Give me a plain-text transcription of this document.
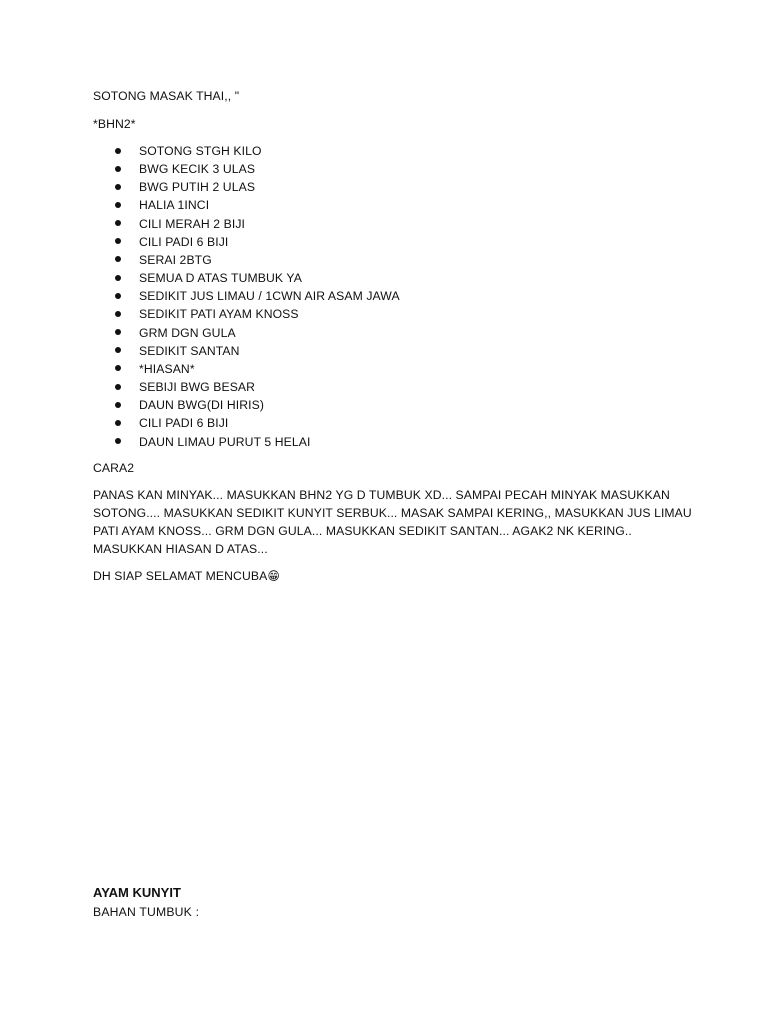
SOTONG MASAK THAI,, "
*BHN2*
SOTONG STGH KILO
BWG KECIK 3 ULAS
BWG PUTIH 2 ULAS
HALIA 1INCI
CILI MERAH 2 BIJI
CILI PADI 6 BIJI
SERAI 2BTG
SEMUA D ATAS TUMBUK YA
SEDIKIT JUS LIMAU / 1CWN AIR ASAM JAWA
SEDIKIT PATI AYAM KNOSS
GRM DGN GULA
SEDIKIT SANTAN
*HIASAN*
SEBIJI BWG BESAR
DAUN BWG(DI HIRIS)
CILI PADI 6 BIJI
DAUN LIMAU PURUT 5 HELAI
CARA2
PANAS KAN MINYAK... MASUKKAN BHN2 YG D TUMBUK XD... SAMPAI PECAH MINYAK MASUKKAN
SOTONG.... MASUKKAN SEDIKIT KUNYIT SERBUK... MASAK SAMPAI KERING,, MASUKKAN JUS LIMAU
PATI AYAM KNOSS... GRM DGN GULA... MASUKKAN SEDIKIT SANTAN... AGAK2 NK KERING..
MASUKKAN HIASAN D ATAS...
DH SIAP SELAMAT MENCUBA😁
AYAM KUNYIT
BAHAN TUMBUK :
